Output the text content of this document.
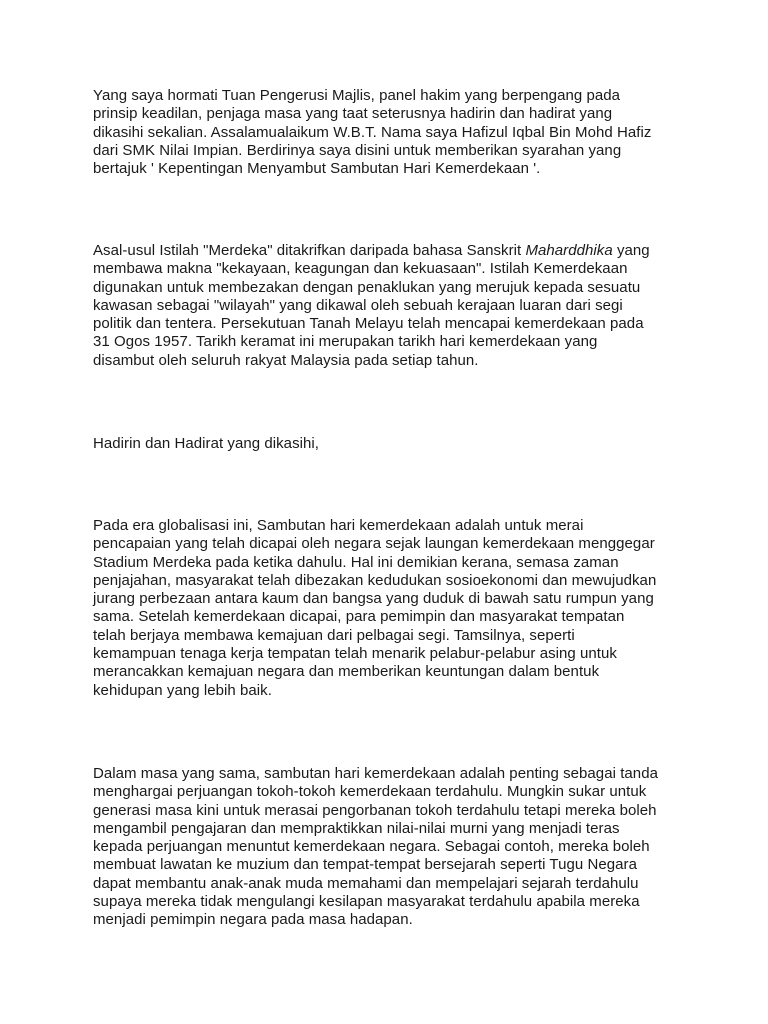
Yang saya hormati Tuan Pengerusi Majlis, panel hakim yang berpengang pada
prinsip keadilan, penjaga masa yang taat seterusnya hadirin dan hadirat yang
dikasihi sekalian. Assalamualaikum W.B.T. Nama saya Hafizul Iqbal Bin Mohd Hafiz
dari SMK Nilai Impian. Berdirinya saya disini untuk memberikan syarahan yang
bertajuk ' Kepentingan Menyambut Sambutan Hari Kemerdekaan '.

Asal-usul Istilah "Merdeka" ditakrifkan daripada bahasa Sanskrit Maharddhika yang
membawa makna "kekayaan, keagungan dan kekuasaan". Istilah Kemerdekaan
digunakan untuk membezakan dengan penaklukan yang merujuk kepada sesuatu
kawasan sebagai "wilayah" yang dikawal oleh sebuah kerajaan luaran dari segi
politik dan tentera. Persekutuan Tanah Melayu telah mencapai kemerdekaan pada
31 Ogos 1957. Tarikh keramat ini merupakan tarikh hari kemerdekaan yang
disambut oleh seluruh rakyat Malaysia pada setiap tahun.

Hadirin dan Hadirat yang dikasihi,

Pada era globalisasi ini, Sambutan hari kemerdekaan adalah untuk merai
pencapaian yang telah dicapai oleh negara sejak laungan kemerdekaan menggegar
Stadium Merdeka pada ketika dahulu. Hal ini demikian kerana, semasa zaman
penjajahan, masyarakat telah dibezakan kedudukan sosioekonomi dan mewujudkan
jurang perbezaan antara kaum dan bangsa yang duduk di bawah satu rumpun yang
sama. Setelah kemerdekaan dicapai, para pemimpin dan masyarakat tempatan
telah berjaya membawa kemajuan dari pelbagai segi. Tamsilnya, seperti
kemampuan tenaga kerja tempatan telah menarik pelabur-pelabur asing untuk
merancakkan kemajuan negara dan memberikan keuntungan dalam bentuk
kehidupan yang lebih baik.

Dalam masa yang sama, sambutan hari kemerdekaan adalah penting sebagai tanda
menghargai perjuangan tokoh-tokoh kemerdekaan terdahulu. Mungkin sukar untuk
generasi masa kini untuk merasai pengorbanan tokoh terdahulu tetapi mereka boleh
mengambil pengajaran dan mempraktikkan nilai-nilai murni yang menjadi teras
kepada perjuangan menuntut kemerdekaan negara. Sebagai contoh, mereka boleh
membuat lawatan ke muzium dan tempat-tempat bersejarah seperti Tugu Negara
dapat membantu anak-anak muda memahami dan mempelajari sejarah terdahulu
supaya mereka tidak mengulangi kesilapan masyarakat terdahulu apabila mereka
menjadi pemimpin negara pada masa hadapan.
